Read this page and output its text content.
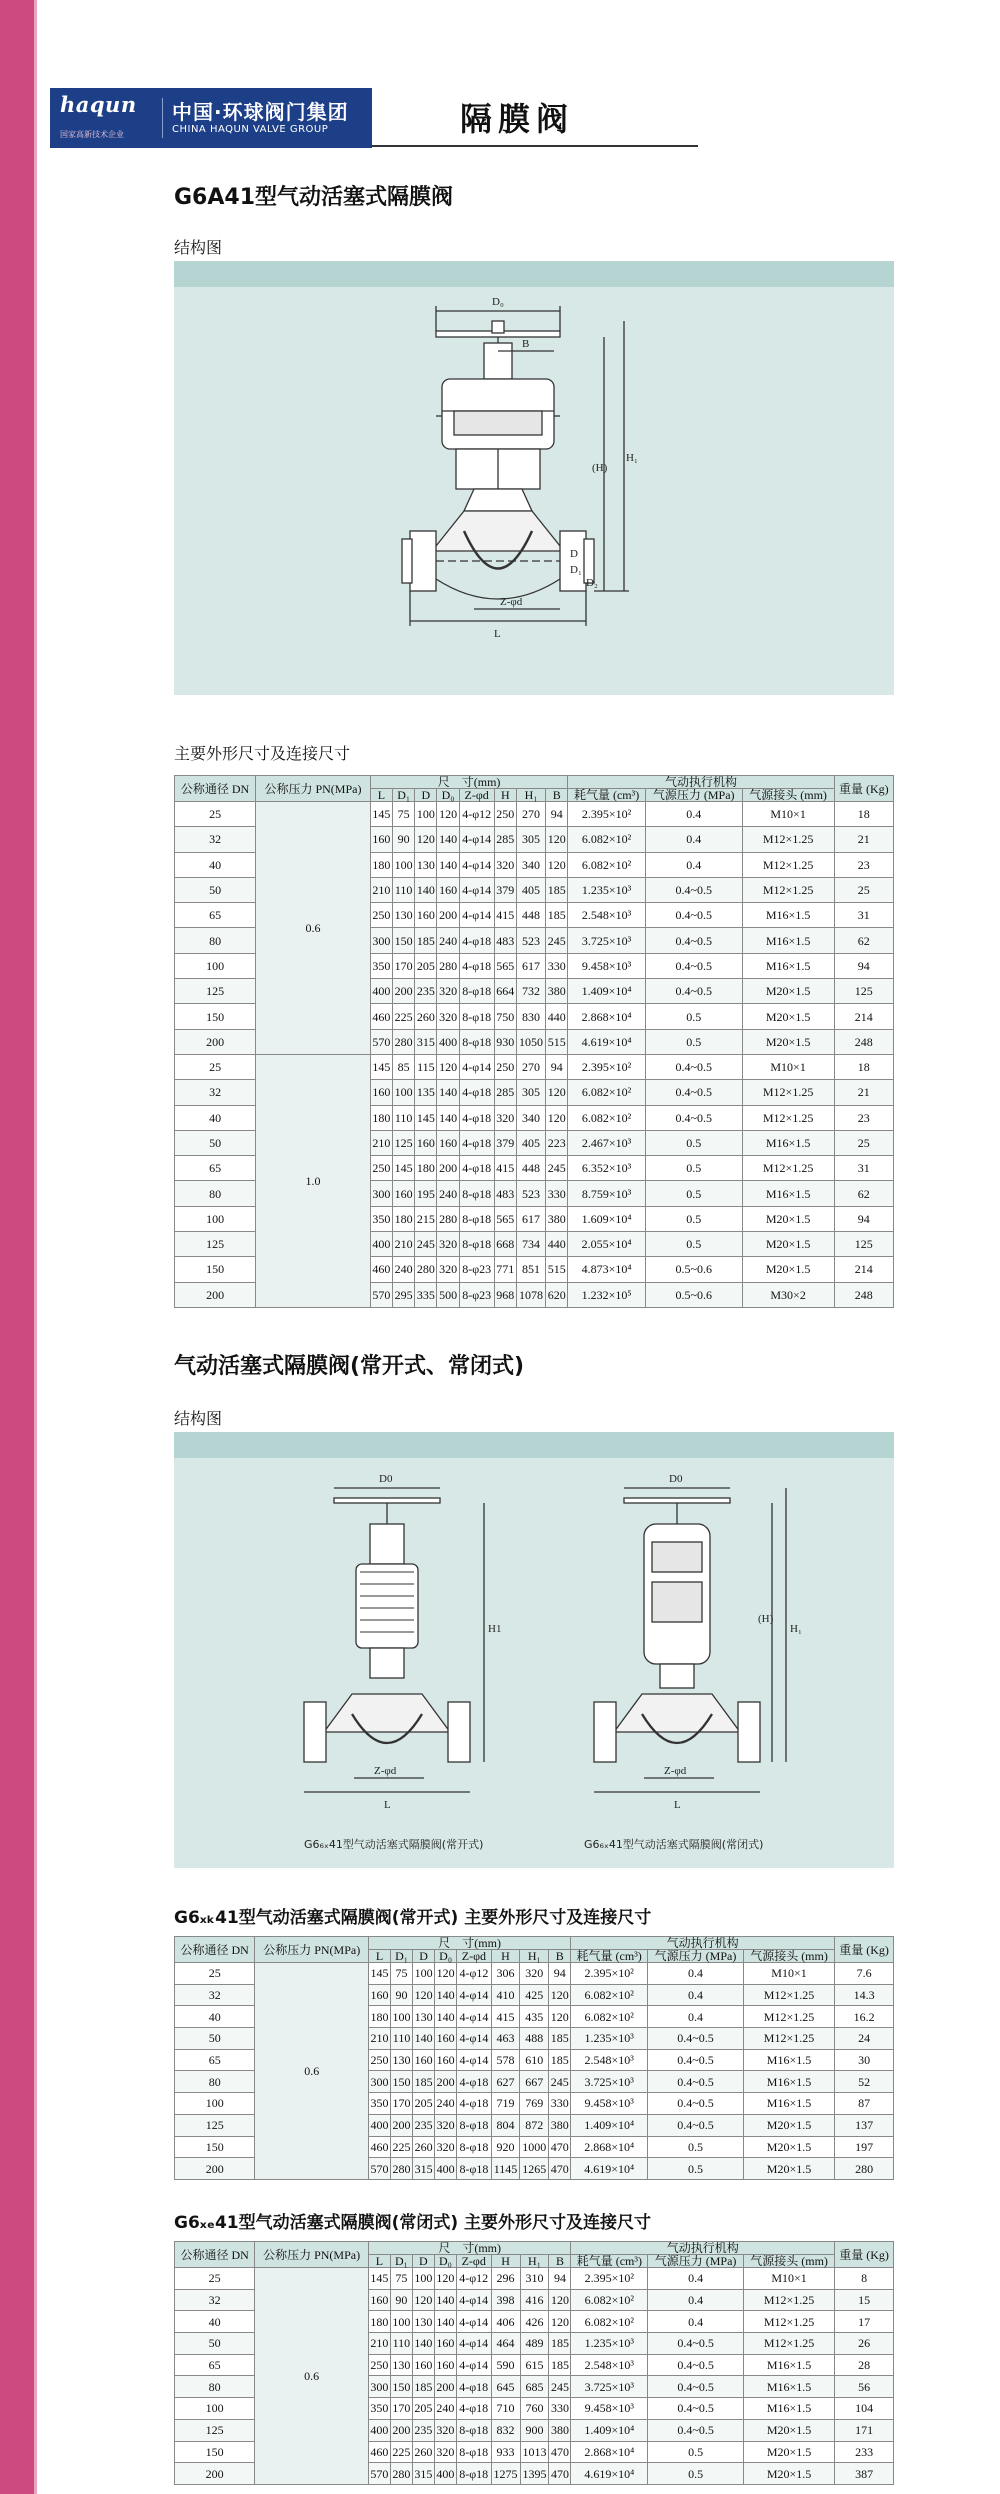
haqun
国家高新技术企业
中国·环球阀门集团
CHINA HAQUN VALVE GROUP	隔膜阀
G6A41型气动活塞式隔膜阀
结构图
D₀
B
(H)
H₁
D
D₁
D₂
Z-φd
L
主要外形尺寸及连接尺寸
公称通径 DN	公称压力 PN(MPa)	尺　寸(mm)								气动执行机构			重量 (Kg)
		L	D₁	D	D₀	Z-φd	H	H₁	B	耗气量 (cm³)	气源压力 (MPa)	气源接头 (mm)	
25	0.6	145	75	100	120	4-φ12	250	270	94	2.395×10²	0.4	M10×1	18
32		160	90	120	140	4-φ14	285	305	120	6.082×10²	0.4	M12×1.25	21
40		180	100	130	140	4-φ14	320	340	120	6.082×10²	0.4	M12×1.25	23
50		210	110	140	160	4-φ14	379	405	185	1.235×10³	0.4~0.5	M12×1.25	25
65		250	130	160	200	4-φ14	415	448	185	2.548×10³	0.4~0.5	M16×1.5	31
80		300	150	185	240	4-φ18	483	523	245	3.725×10³	0.4~0.5	M16×1.5	62
100		350	170	205	280	4-φ18	565	617	330	9.458×10³	0.4~0.5	M16×1.5	94
125		400	200	235	320	8-φ18	664	732	380	1.409×10⁴	0.4~0.5	M20×1.5	125
150		460	225	260	320	8-φ18	750	830	440	2.868×10⁴	0.5	M20×1.5	214
200		570	280	315	400	8-φ18	930	1050	515	4.619×10⁴	0.5	M20×1.5	248
25	1.0	145	85	115	120	4-φ14	250	270	94	2.395×10²	0.4~0.5	M10×1	18
32		160	100	135	140	4-φ18	285	305	120	6.082×10²	0.4~0.5	M12×1.25	21
40		180	110	145	140	4-φ18	320	340	120	6.082×10²	0.4~0.5	M12×1.25	23
50		210	125	160	160	4-φ18	379	405	223	2.467×10³	0.5	M16×1.5	25
65		250	145	180	200	4-φ18	415	448	245	6.352×10³	0.5	M12×1.25	31
80		300	160	195	240	8-φ18	483	523	330	8.759×10³	0.5	M16×1.5	62
100		350	180	215	280	8-φ18	565	617	380	1.609×10⁴	0.5	M20×1.5	94
125		400	210	245	320	8-φ18	668	734	440	2.055×10⁴	0.5	M20×1.5	125
150		460	240	280	320	8-φ23	771	851	515	4.873×10⁴	0.5~0.6	M20×1.5	214
200		570	295	335	500	8-φ23	968	1078	620	1.232×10⁵	0.5~0.6	M30×2	248
气动活塞式隔膜阀(常开式、常闭式)
结构图
D0
H1
Z-φd
L
D0
(H)
H₁
Z-φd
L
G6₆ₓ41型气动活塞式隔膜阀(常开式)	G6₆ₓ41型气动活塞式隔膜阀(常闭式)
G6ₓₖ41型气动活塞式隔膜阀(常开式) 主要外形尺寸及连接尺寸
公称通径 DN	公称压力 PN(MPa)	尺　寸(mm)								气动执行机构			重量 (Kg)
		L	D₁	D	D₀	Z-φd	H	H₁	B	耗气量 (cm³)	气源压力 (MPa)	气源接头 (mm)	
25	0.6	145	75	100	120	4-φ12	306	320	94	2.395×10²	0.4	M10×1	7.6
32		160	90	120	140	4-φ14	410	425	120	6.082×10²	0.4	M12×1.25	14.3
40		180	100	130	140	4-φ14	415	435	120	6.082×10²	0.4	M12×1.25	16.2
50		210	110	140	160	4-φ14	463	488	185	1.235×10³	0.4~0.5	M12×1.25	24
65		250	130	160	160	4-φ14	578	610	185	2.548×10³	0.4~0.5	M16×1.5	30
80		300	150	185	200	4-φ18	627	667	245	3.725×10³	0.4~0.5	M16×1.5	52
100		350	170	205	240	4-φ18	719	769	330	9.458×10³	0.4~0.5	M16×1.5	87
125		400	200	235	320	8-φ18	804	872	380	1.409×10⁴	0.4~0.5	M20×1.5	137
150		460	225	260	320	8-φ18	920	1000	470	2.868×10⁴	0.5	M20×1.5	197
200		570	280	315	400	8-φ18	1145	1265	470	4.619×10⁴	0.5	M20×1.5	280
G6ₓₑ41型气动活塞式隔膜阀(常闭式) 主要外形尺寸及连接尺寸
公称通径 DN	公称压力 PN(MPa)	尺　寸(mm)								气动执行机构			重量 (Kg)
		L	D₁	D	D₀	Z-φd	H	H₁	B	耗气量 (cm³)	气源压力 (MPa)	气源接头 (mm)	
25	0.6	145	75	100	120	4-φ12	296	310	94	2.395×10²	0.4	M10×1	8
32		160	90	120	140	4-φ14	398	416	120	6.082×10²	0.4	M12×1.25	15
40		180	100	130	140	4-φ14	406	426	120	6.082×10²	0.4	M12×1.25	17
50		210	110	140	160	4-φ14	464	489	185	1.235×10³	0.4~0.5	M12×1.25	26
65		250	130	160	160	4-φ14	590	615	185	2.548×10³	0.4~0.5	M16×1.5	28
80		300	150	185	200	4-φ18	645	685	245	3.725×10³	0.4~0.5	M16×1.5	56
100		350	170	205	240	4-φ18	710	760	330	9.458×10³	0.4~0.5	M16×1.5	104
125		400	200	235	320	8-φ18	832	900	380	1.409×10⁴	0.4~0.5	M20×1.5	171
150		460	225	260	320	8-φ18	933	1013	470	2.868×10⁴	0.5	M20×1.5	233
200		570	280	315	400	8-φ18	1275	1395	470	4.619×10⁴	0.5	M20×1.5	387
